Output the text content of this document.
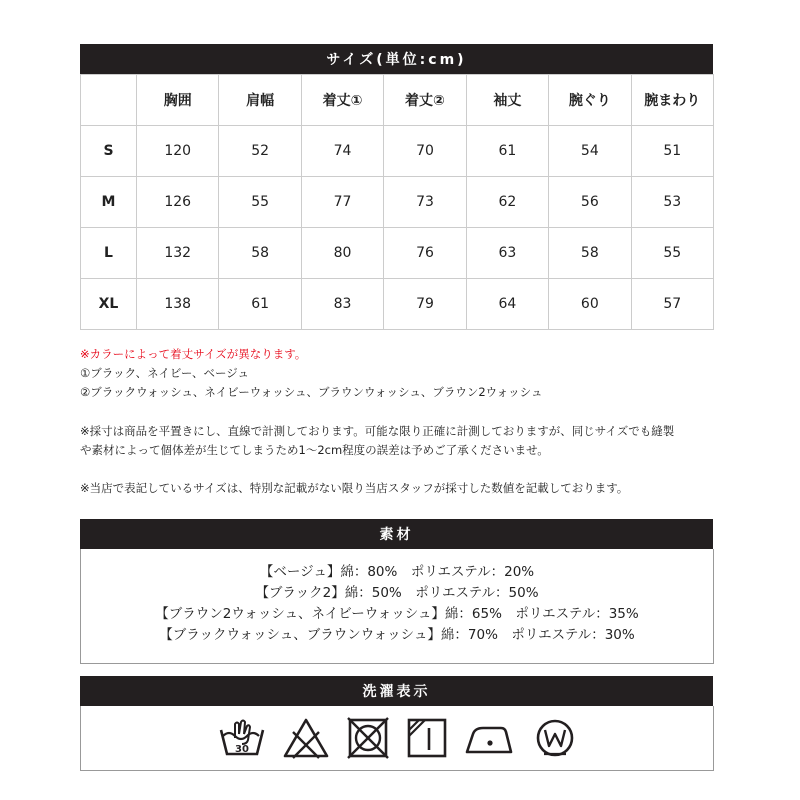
サイズ(単位:cm)
	胸囲	肩幅	着丈①	着丈②	袖丈	腕ぐり	腕まわり
S	120	52	74	70	61	54	51
M	126	55	77	73	62	56	53
L	132	58	80	76	63	58	55
XL	138	61	83	79	64	60	57
※カラーによって着丈サイズが異なります。
①ブラック、ネイビー、ベージュ
②ブラックウォッシュ、ネイビーウォッシュ、ブラウンウォッシュ、ブラウン2ウォッシュ
※採寸は商品を平置きにし、直線で計測しております。可能な限り正確に計測しておりますが、同じサイズでも縫製
や素材によって個体差が生じてしまうため1〜2cm程度の誤差は予めご了承くださいませ。
※当店で表記しているサイズは、特別な記載がない限り当店スタッフが採寸した数値を記載しております。
素材
【ベージュ】綿：80%　ポリエステル：20%
【ブラック2】綿：50%　ポリエステル：50%
【ブラウン2ウォッシュ、ネイビーウォッシュ】綿：65%　ポリエステル：35%
【ブラックウォッシュ、ブラウンウォッシュ】綿：70%　ポリエステル：30%
洗濯表示
30
